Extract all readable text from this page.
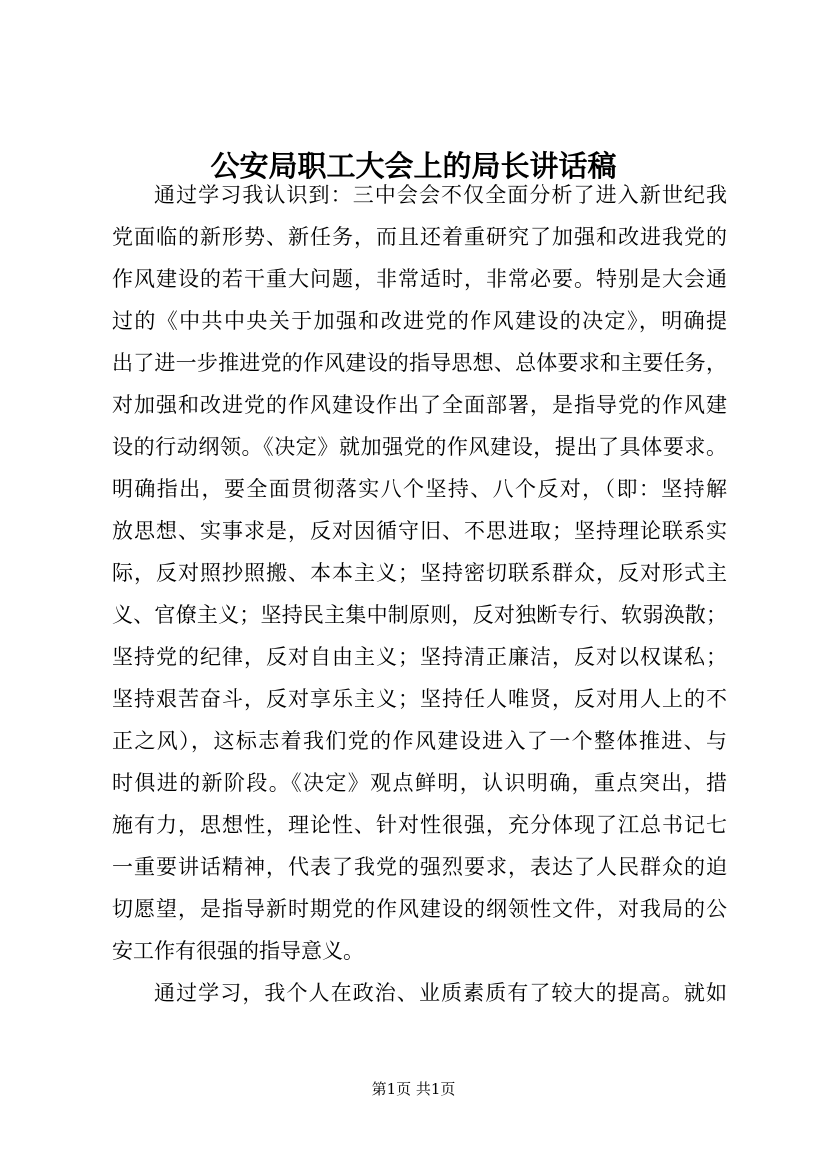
公安局职工大会上的局长讲话稿
通过学习我认识到：三中会会不仅全面分析了进入新世纪我
党面临的新形势、新任务，而且还着重研究了加强和改进我党的
作风建设的若干重大问题，非常适时，非常必要。特别是大会通
过的《中共中央关于加强和改进党的作风建设的决定》，明确提
出了进一步推进党的作风建设的指导思想、总体要求和主要任务，
对加强和改进党的作风建设作出了全面部署，是指导党的作风建
设的行动纲领。《决定》就加强党的作风建设，提出了具体要求。
明确指出，要全面贯彻落实八个坚持、八个反对，（即：坚持解
放思想、实事求是，反对因循守旧、不思进取；坚持理论联系实
际，反对照抄照搬、本本主义；坚持密切联系群众，反对形式主
义、官僚主义；坚持民主集中制原则，反对独断专行、软弱涣散；
坚持党的纪律，反对自由主义；坚持清正廉洁，反对以权谋私；
坚持艰苦奋斗，反对享乐主义；坚持任人唯贤，反对用人上的不
正之风），这标志着我们党的作风建设进入了一个整体推进、与
时俱进的新阶段。《决定》观点鲜明，认识明确，重点突出，措
施有力，思想性，理论性、针对性很强，充分体现了江总书记七
一重要讲话精神，代表了我党的强烈要求，表达了人民群众的迫
切愿望，是指导新时期党的作风建设的纲领性文件，对我局的公
安工作有很强的指导意义。
通过学习，我个人在政治、业质素质有了较大的提高。就如
第1页 共1页
